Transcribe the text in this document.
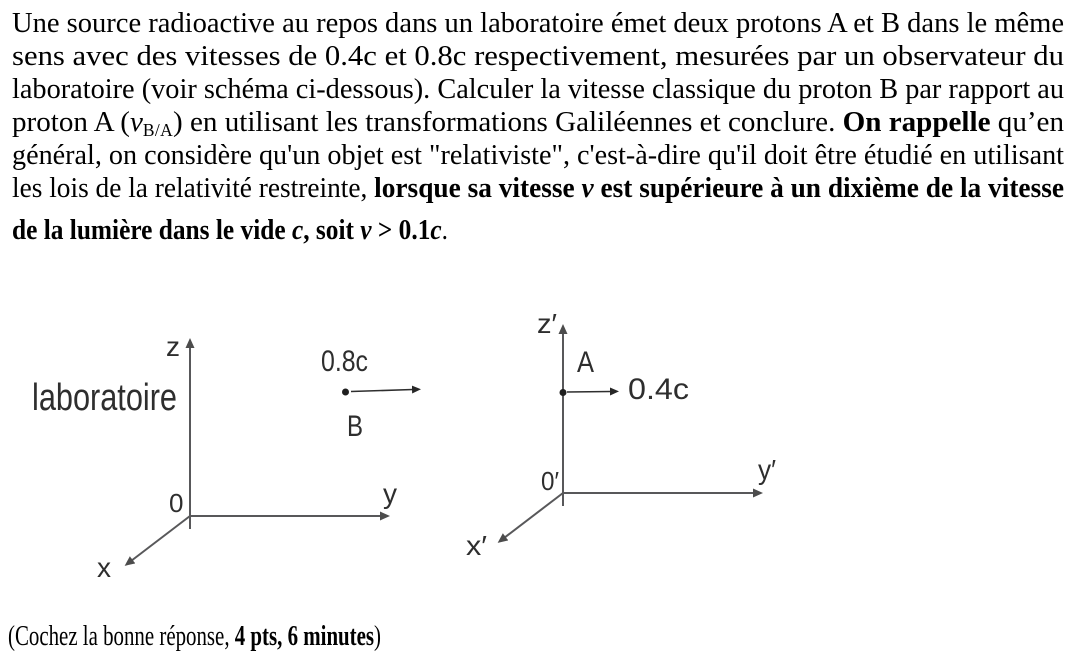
Une source radioactive au repos dans un laboratoire émet deux protons A et B dans le même
sens avec des vitesses de 0.4c et 0.8c respectivement, mesurées par un observateur du
laboratoire (voir schéma ci-dessous). Calculer la vitesse classique du proton B par rapport au
proton A $(v_{B/A})$ en utilisant les transformations Galiléennes et conclure. On rappelle qu’en
général, on considère qu'un objet est "relativiste", c'est-à-dire qu'il doit être étudié en utilisant
les lois de la relativité restreinte, lorsque sa vitesse v est supérieure à un dixième de la vitesse
de la lumière dans le vide c, soit v > 0.1c.
laboratoire
z
y
x
0
0.8c
B
z′
y′
x′
0′
0.4c
A
(Cochez la bonne réponse, 4 pts, 6 minutes)
